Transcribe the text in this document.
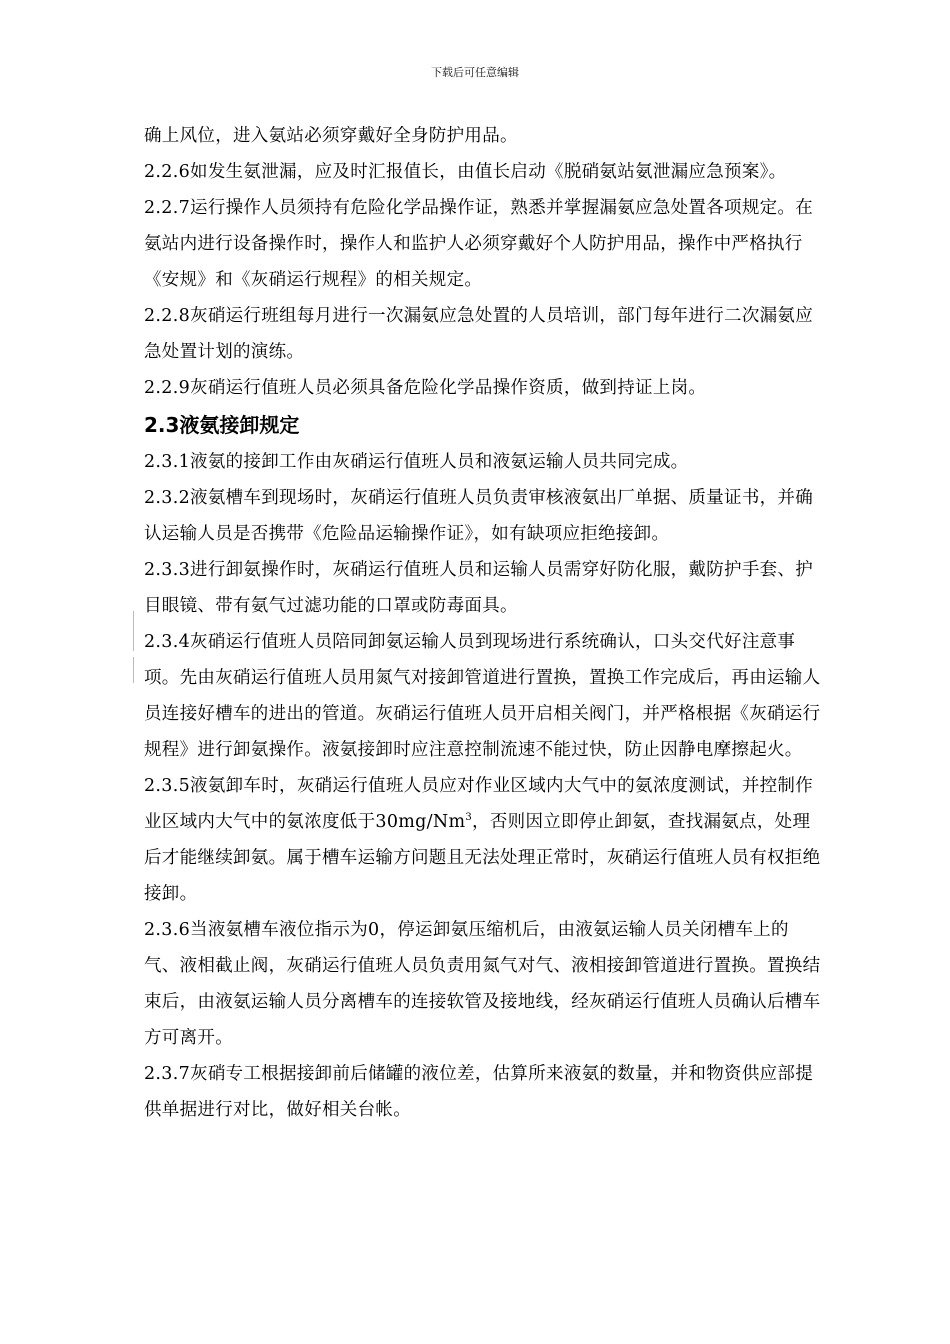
下载后可任意编辑

确上风位，进入氨站必须穿戴好全身防护用品。

2.2.6如发生氨泄漏，应及时汇报值长，由值长启动《脱硝氨站氨泄漏应急预案》。

2.2.7运行操作人员须持有危险化学品操作证，熟悉并掌握漏氨应急处置各项规定。在氨站内进行设备操作时，操作人和监护人必须穿戴好个人防护用品，操作中严格执行《安规》和《灰硝运行规程》的相关规定。

2.2.8灰硝运行班组每月进行一次漏氨应急处置的人员培训，部门每年进行二次漏氨应急处置计划的演练。

2.2.9灰硝运行值班人员必须具备危险化学品操作资质，做到持证上岗。

2.3液氨接卸规定

2.3.1液氨的接卸工作由灰硝运行值班人员和液氨运输人员共同完成。

2.3.2液氨槽车到现场时，灰硝运行值班人员负责审核液氨出厂单据、质量证书，并确认运输人员是否携带《危险品运输操作证》，如有缺项应拒绝接卸。

2.3.3进行卸氨操作时，灰硝运行值班人员和运输人员需穿好防化服，戴防护手套、护目眼镜、带有氨气过滤功能的口罩或防毒面具。

2.3.4灰硝运行值班人员陪同卸氨运输人员到现场进行系统确认，口头交代好注意事项。先由灰硝运行值班人员用氮气对接卸管道进行置换，置换工作完成后，再由运输人员连接好槽车的进出的管道。灰硝运行值班人员开启相关阀门，并严格根据《灰硝运行规程》进行卸氨操作。液氨接卸时应注意控制流速不能过快，防止因静电摩擦起火。

2.3.5液氨卸车时，灰硝运行值班人员应对作业区域内大气中的氨浓度测试，并控制作业区域内大气中的氨浓度低于30mg/Nm$^3$，否则因立即停止卸氨，查找漏氨点，处理后才能继续卸氨。属于槽车运输方问题且无法处理正常时，灰硝运行值班人员有权拒绝接卸。

2.3.6当液氨槽车液位指示为0，停运卸氨压缩机后，由液氨运输人员关闭槽车上的气、液相截止阀，灰硝运行值班人员负责用氮气对气、液相接卸管道进行置换。置换结束后，由液氨运输人员分离槽车的连接软管及接地线，经灰硝运行值班人员确认后槽车方可离开。

2.3.7灰硝专工根据接卸前后储罐的液位差，估算所来液氨的数量，并和物资供应部提供单据进行对比，做好相关台帐。
